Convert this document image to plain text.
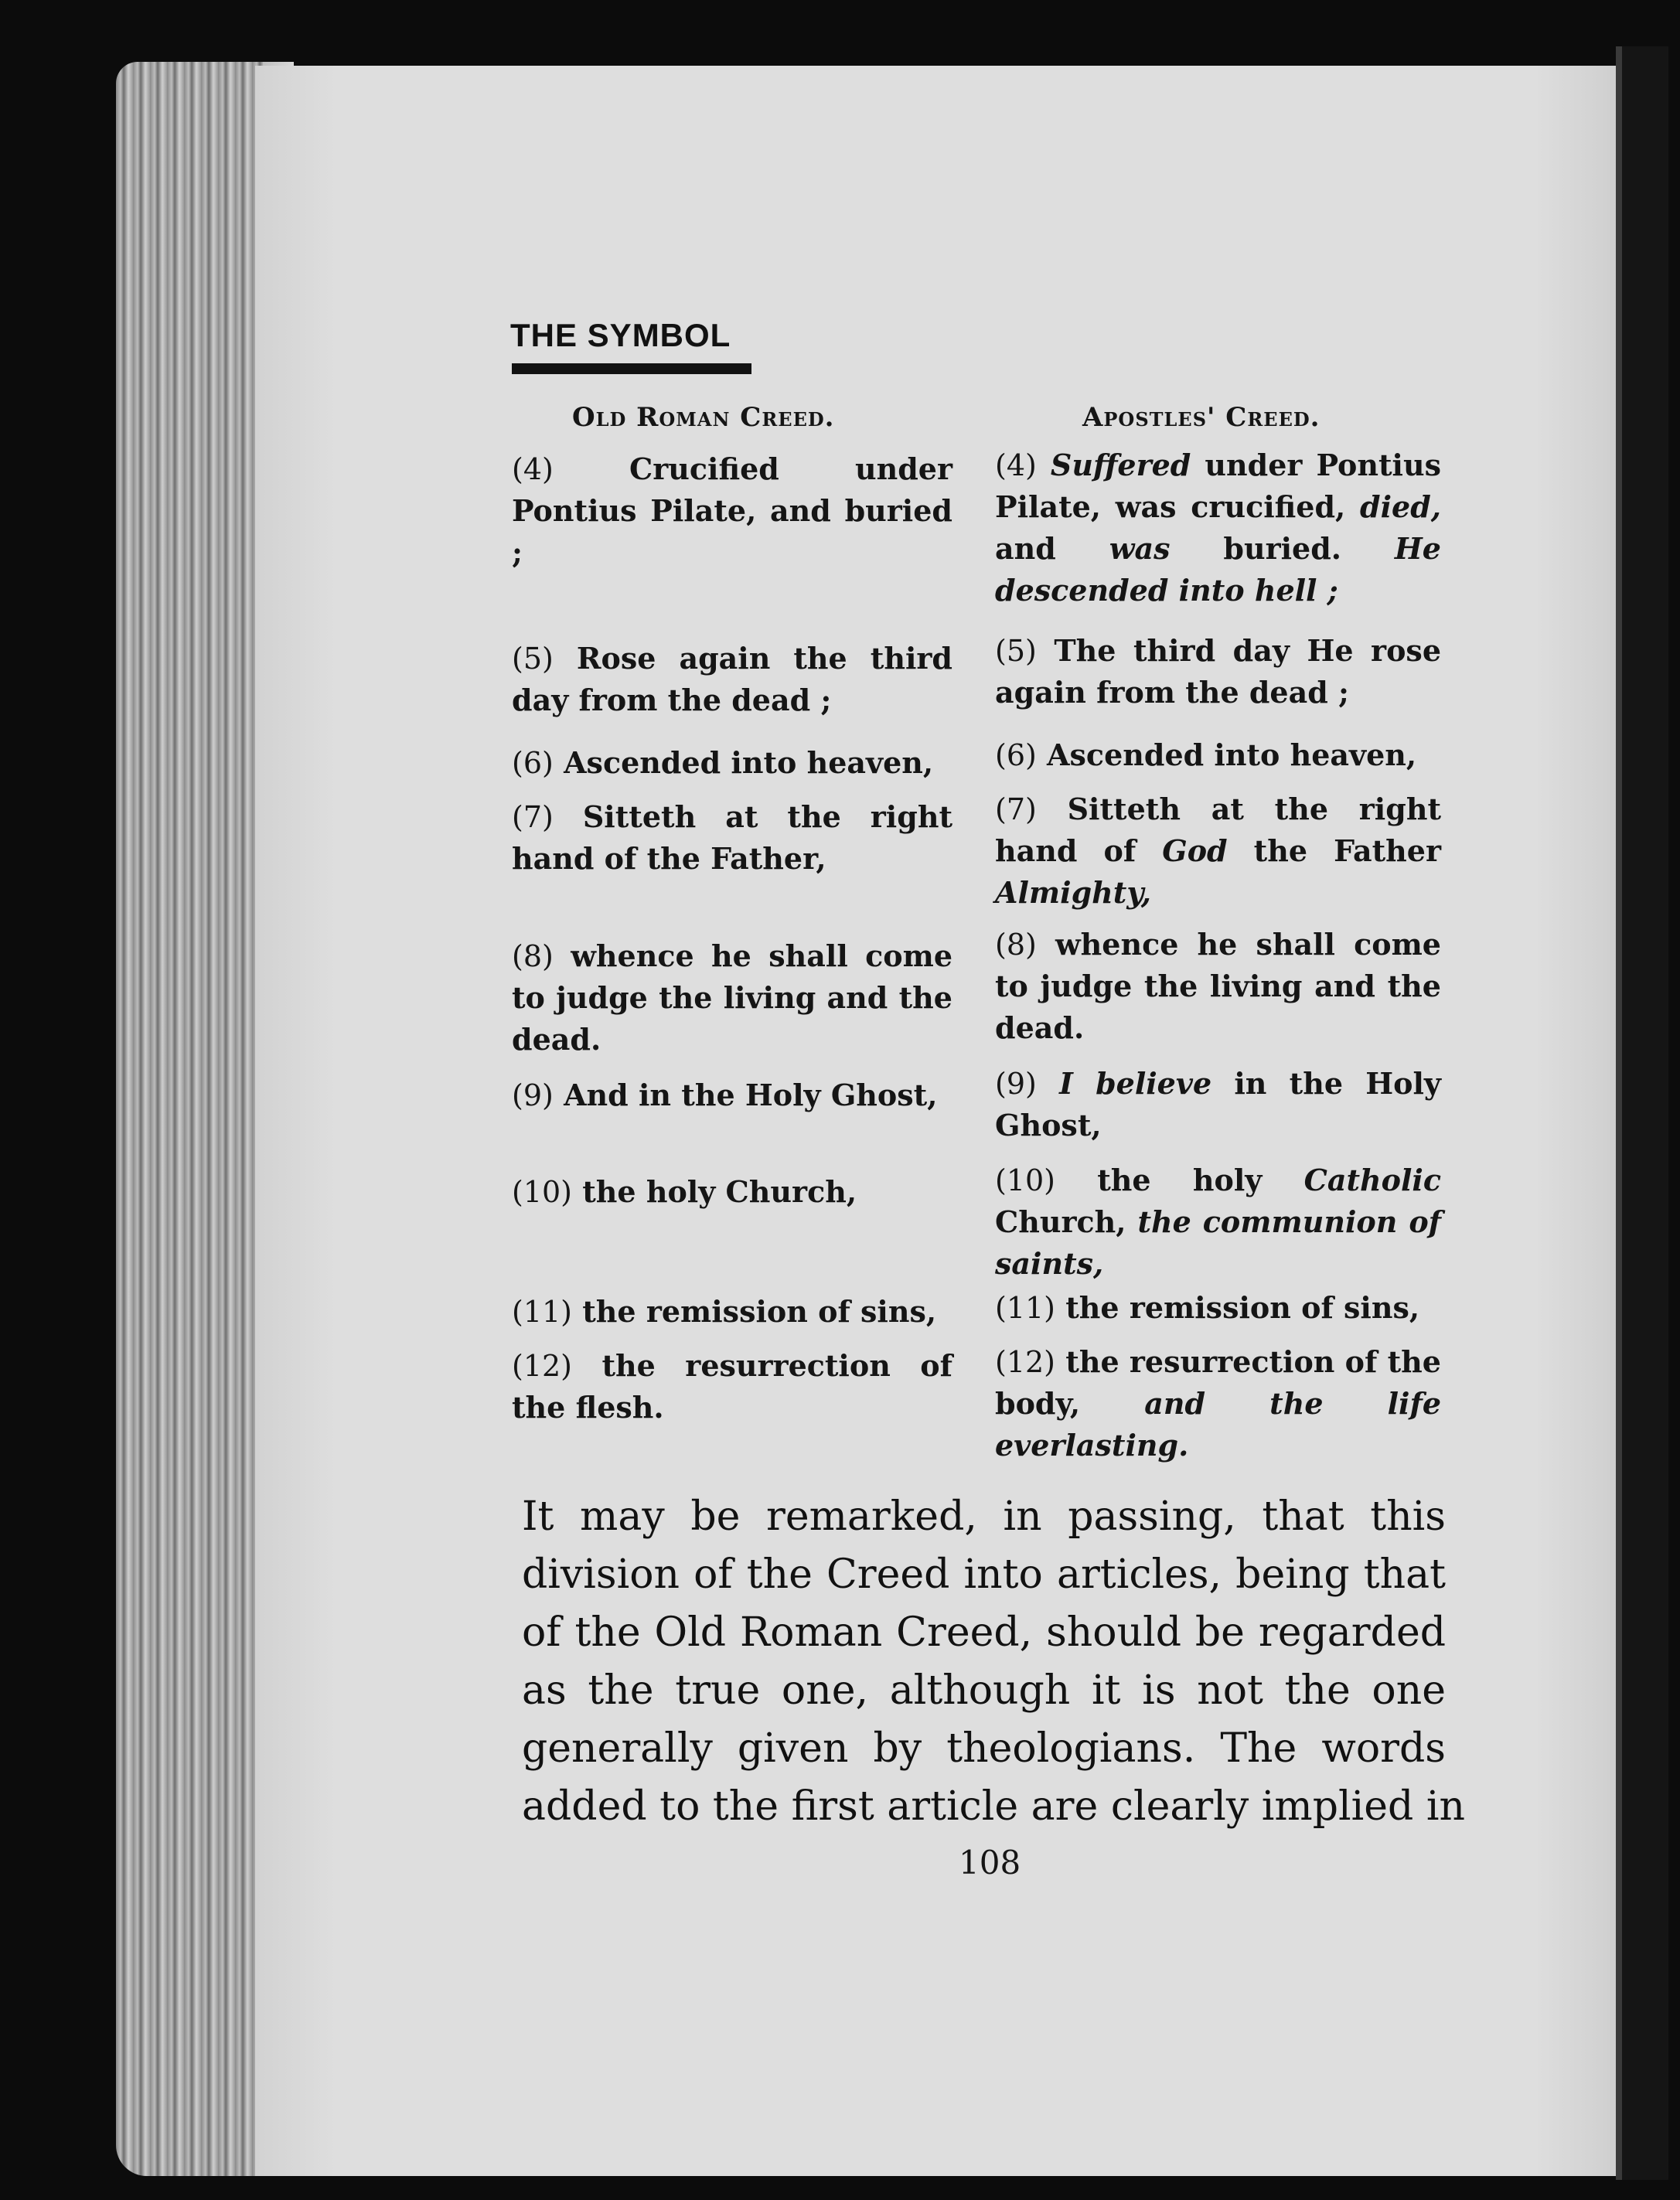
THE SYMBOL
Old Roman Creed.	Apostles' Creed.
(4)	Crucified under Pontius Pilate, and buried ;
(5) Rose again the third day from the dead ;
(6) Ascended into heaven,
(7) Sitteth at the right hand of the Father,
(8) whence he shall come to judge the living and the dead.
(9) And in the Holy Ghost,
(10) the holy Church,
(11) the remission of sins,
(12) the resurrection of the flesh.
(4) Suffered under Pontius Pilate, was crucified, died, and was buried. He descended into hell ;
(5) The third day He rose again from the dead ;
(6) Ascended into heaven,
(7) Sitteth at the right hand of God the Father Almighty,
(8) whence he shall come to judge the living and the dead.
(9) I believe in the Holy Ghost,
(10) the holy Catholic Church, the communion of saints,
(11) the remission of sins,
(12) the resurrection of the body, and the life everlasting.
It may be remarked, in passing, that this
division of the Creed into articles, being that
of the Old Roman Creed, should be regarded
as the true one, although it is not the one
generally given by theologians. The words
added to the first article are clearly implied in
108
